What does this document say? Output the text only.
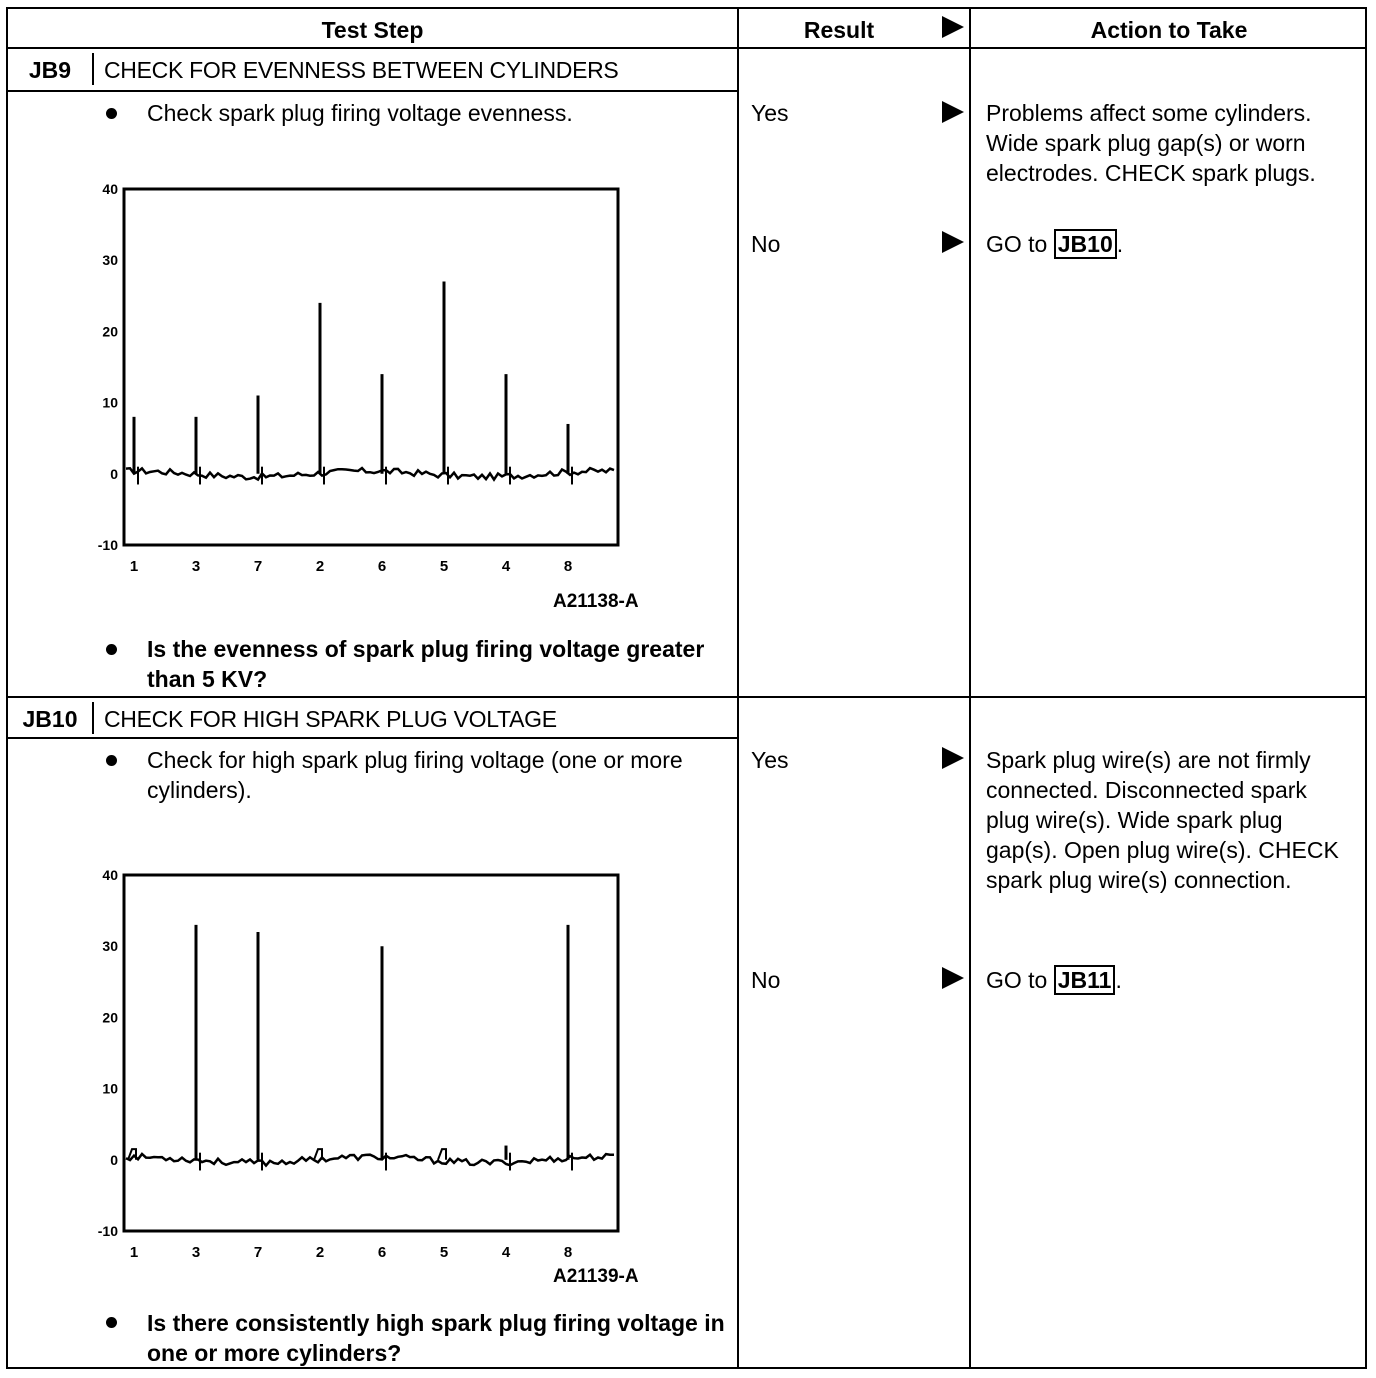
Test Step	Result	Action to Take
JB9	CHECK FOR EVENNESS BETWEEN CYLINDERS
Check spark plug firing voltage evenness.
40
30
20
10
0
-10
1	3	7	2	6	5	4	8
A21138-A
Is the evenness of spark plug firing voltage greater than 5 KV?
Yes	Problems affect some cylinders. Wide spark plug gap(s) or worn electrodes. CHECK spark plugs.
No	GO to JB10 .
JB10	CHECK FOR HIGH SPARK PLUG VOLTAGE
Check for high spark plug firing voltage (one or more cylinders).
40
30
20
10
0
-10
1	3	7	2	6	5	4	8
A21139-A
Is there consistently high spark plug firing voltage in one or more cylinders?
Yes	Spark plug wire(s) are not firmly connected. Disconnected spark plug wire(s). Wide spark plug gap(s). Open plug wire(s). CHECK spark plug wire(s) connection.
No	GO to JB11 .
